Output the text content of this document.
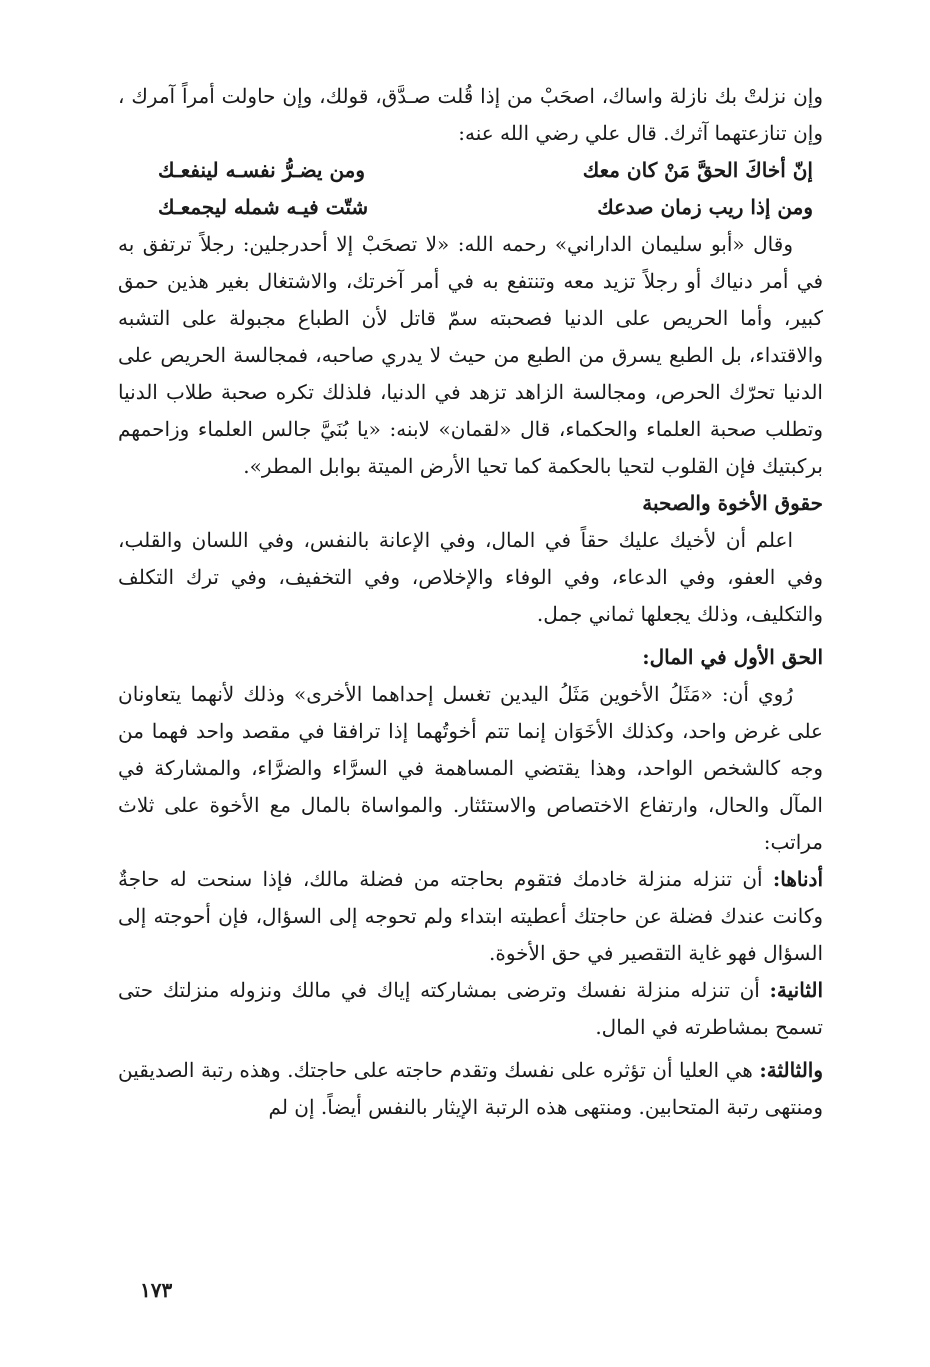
وإن نزلتْ بك نازلة واساك، اصحَبْ من إذا قُلت صـدَّق، قولك، وإن حاولت أمراً آمرك ، وإن تنازعتهما آثرك. قال علي رضي الله عنه:

إنّ أخاكَ الحقَّ مَنْ كان معك
ومن يضـرُّ نفسـه لينفعـك
ومن إذا ريب زمان صدعك
شتّت فيـه شمله ليجمعـك

وقال «أبو سليمان الداراني» رحمه الله: «لا تصحَبْ إلا أحدرجلين: رجلاً ترتفق به في أمر دنياك أو رجلاً تزيد معه وتنتفع به في أمر آخرتك، والاشتغال بغير هذين حمق كبير، وأما الحريص على الدنيا فصحبته سمّ قاتل لأن الطباع مجبولة على التشبه والاقتداء، بل الطبع يسرق من الطبع من حيث لا يدري صاحبه، فمجالسة الحريص على الدنيا تحرّك الحرص، ومجالسة الزاهد تزهد في الدنيا، فلذلك تكره صحبة طلاب الدنيا وتطلب صحبة العلماء والحكماء، قال «لقمان» لابنه: «يا بُنَيَّ جالس العلماء وزاحمهم بركبتيك فإن القلوب لتحيا بالحكمة كما تحيا الأرض الميتة بوابل المطر».

حقوق الأخوة والصحبة

اعلم أن لأخيك عليك حقاً في المال، وفي الإعانة بالنفس، وفي اللسان والقلب، وفي العفو، وفي الدعاء، وفي الوفاء والإخلاص، وفي التخفيف، وفي ترك التكلف والتكليف، وذلك يجعلها ثماني جمل.

الحق الأول في المال:

رُوي أن: «مَثَلُ الأخوين مَثَلُ اليدين تغسل إحداهما الأخرى» وذلك لأنهما يتعاونان على غرض واحد، وكذلك الأخَوَان إنما تتم أخوتُهما إذا ترافقا في مقصد واحد فهما من وجه كالشخص الواحد، وهذا يقتضي المساهمة في السرَّاء والضرَّاء، والمشاركة في المآل والحال، وارتفاع الاختصاص والاستئثار. والمواساة بالمال مع الأخوة على ثلاث مراتب:

أدناها: أن تنزله منزلة خادمك فتقوم بحاجته من فضلة مالك، فإذا سنحت له حاجةٌ وكانت عندك فضلة عن حاجتك أعطيته ابتداء ولم تحوجه إلى السؤال، فإن أحوجته إلى السؤال فهو غاية التقصير في حق الأخوة.

الثانية: أن تنزله منزلة نفسك وترضى بمشاركته إياك في مالك ونزوله منزلتك حتى تسمح بمشاطرته في المال.

والثالثة: هي العليا أن تؤثره على نفسك وتقدم حاجته على حاجتك. وهذه رتبة الصديقين ومنتهى رتبة المتحابين. ومنتهى هذه الرتبة الإيثار بالنفس أيضاً. إن لم

١٧٣
